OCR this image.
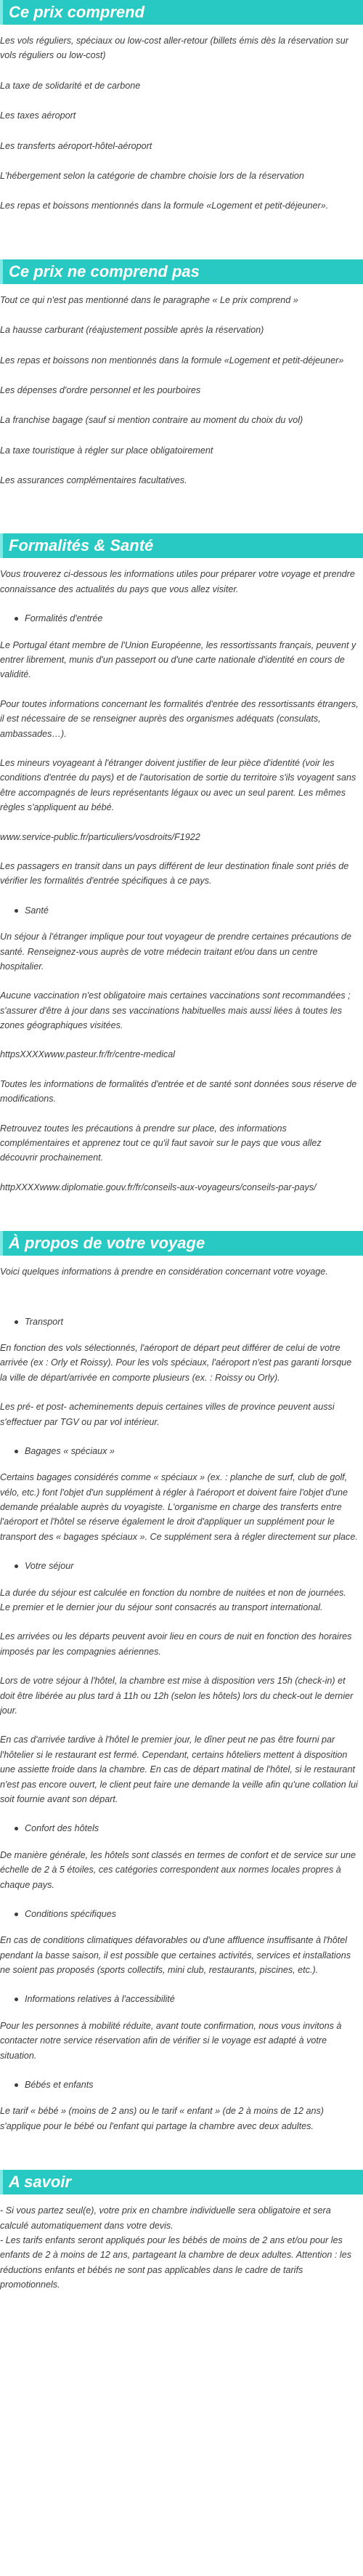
Ce prix comprend
Les vols réguliers, spéciaux ou low-cost aller-retour (billets émis dès la réservation sur vols réguliers ou low-cost)
La taxe de solidarité et de carbone
Les taxes aéroport
Les transferts aéroport-hôtel-aéroport
L'hébergement selon la catégorie de chambre choisie lors de la réservation
Les repas et boissons mentionnés dans la formule «Logement et petit-déjeuner».
Ce prix ne comprend pas
Tout ce qui n'est pas mentionné dans le paragraphe « Le prix comprend »
La hausse carburant (réajustement possible après la réservation)
Les repas et boissons non mentionnés dans la formule «Logement et petit-déjeuner»
Les dépenses d'ordre personnel et les pourboires
La franchise bagage (sauf si mention contraire au moment du choix du vol)
La taxe touristique à régler sur place obligatoirement
Les assurances complémentaires facultatives.
Formalités & Santé

Vous trouverez ci-dessous les informations utiles pour préparer votre voyage et prendre connaissance des actualités du pays que vous allez visiter.

Formalités d'entrée

Le Portugal étant membre de l'Union Européenne, les ressortissants français, peuvent y entrer librement, munis d'un passeport ou d'une carte nationale d'identité en cours de validité.

Pour toutes informations concernant les formalités d'entrée des ressortissants étrangers, il est nécessaire de se renseigner auprès des organismes adéquats (consulats, ambassades…).

Les mineurs voyageant à l'étranger doivent justifier de leur pièce d'identité (voir les conditions d'entrée du pays) et de l'autorisation de sortie du territoire s'ils voyagent sans être accompagnés de leurs représentants légaux ou avec un seul parent. Les mêmes règles s'appliquent au bébé.

www.service-public.fr/particuliers/vosdroits/F1922

Les passagers en transit dans un pays différent de leur destination finale sont priés de vérifier les formalités d'entrée spécifiques à ce pays.

Santé

Un séjour à l'étranger implique pour tout voyageur de prendre certaines précautions de santé. Renseignez-vous auprès de votre médecin traitant et/ou dans un centre hospitalier.

Aucune vaccination n'est obligatoire mais certaines vaccinations sont recommandées ; s'assurer d'être à jour dans ses vaccinations habituelles mais aussi liées à toutes les zones géographiques visitées.

httpsXXXXwww.pasteur.fr/fr/centre-medical

Toutes les informations de formalités d'entrée et de santé sont données sous réserve de modifications.

Retrouvez toutes les précautions à prendre sur place, des informations complémentaires et apprenez tout ce qu'il faut savoir sur le pays que vous allez découvrir prochainement.

httpXXXXwww.diplomatie.gouv.fr/fr/conseils-aux-voyageurs/conseils-par-pays/

À propos de votre voyage

Voici quelques informations à prendre en considération concernant votre voyage.

Transport

En fonction des vols sélectionnés, l'aéroport de départ peut différer de celui de votre arrivée (ex : Orly et Roissy). Pour les vols spéciaux, l'aéroport n'est pas garanti lorsque la ville de départ/arrivée en comporte plusieurs (ex. : Roissy ou Orly).

Les pré- et post- acheminements depuis certaines villes de province peuvent aussi s'effectuer par TGV ou par vol intérieur.

Bagages « spéciaux »

Certains bagages considérés comme « spéciaux » (ex. : planche de surf, club de golf, vélo, etc.) font l'objet d'un supplément à régler à l'aéroport et doivent faire l'objet d'une demande préalable auprès du voyagiste. L'organisme en charge des transferts entre l'aéroport et l'hôtel se réserve également le droit d'appliquer un supplément pour le transport des « bagages spéciaux ». Ce supplément sera à régler directement sur place.

Votre séjour

La durée du séjour est calculée en fonction du nombre de nuitées et non de journées. Le premier et le dernier jour du séjour sont consacrés au transport international.

Les arrivées ou les départs peuvent avoir lieu en cours de nuit en fonction des horaires imposés par les compagnies aériennes.

Lors de votre séjour à l'hôtel, la chambre est mise à disposition vers 15h (check-in) et doit être libérée au plus tard à 11h ou 12h (selon les hôtels) lors du check-out le dernier jour.

En cas d'arrivée tardive à l'hôtel le premier jour, le dîner peut ne pas être fourni par l'hôtelier si le restaurant est fermé. Cependant, certains hôteliers mettent à disposition une assiette froide dans la chambre. En cas de départ matinal de l'hôtel, si le restaurant n'est pas encore ouvert, le client peut faire une demande la veille afin qu'une collation lui soit fournie avant son départ.

Confort des hôtels

De manière générale, les hôtels sont classés en termes de confort et de service sur une échelle de 2 à 5 étoiles, ces catégories correspondent aux normes locales propres à chaque pays.

Conditions spécifiques

En cas de conditions climatiques défavorables ou d'une affluence insuffisante à l'hôtel pendant la basse saison, il est possible que certaines activités, services et installations ne soient pas proposés (sports collectifs, mini club, restaurants, piscines, etc.).

Informations relatives à l'accessibilité

Pour les personnes à mobilité réduite, avant toute confirmation, nous vous invitons à contacter notre service réservation afin de vérifier si le voyage est adapté à votre situation.

Bébés et enfants

Le tarif « bébé » (moins de 2 ans) ou le tarif « enfant » (de 2 à moins de 12 ans) s'applique pour le bébé ou l'enfant qui partage la chambre avec deux adultes.

A savoir

- Si vous partez seul(e), votre prix en chambre individuelle sera obligatoire et sera calculé automatiquement dans votre devis.
- Les tarifs enfants seront appliqués pour les bébés de moins de 2 ans et/ou pour les enfants de 2 à moins de 12 ans, partageant la chambre de deux adultes. Attention : les réductions enfants et bébés ne sont pas applicables dans le cadre de tarifs promotionnels.
